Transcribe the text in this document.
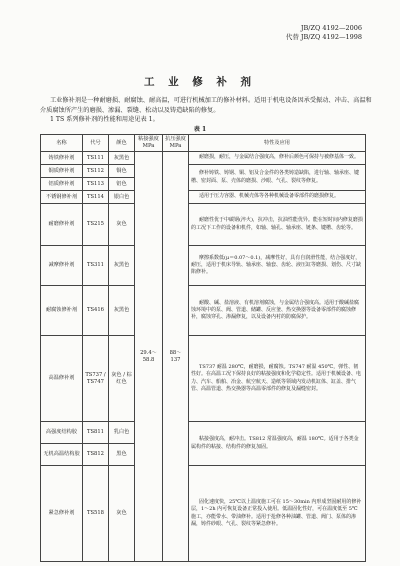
JB/ZQ 4192—2006
代替 JB/ZQ 4192—1998
工 业 修 补 剂

工业修补剂是一种耐磨损、耐腐蚀、耐高温，可进行机械加工的修补材料。适用于机电设备因承受振动、冲击、高温和介质腐蚀所产生的磨损、渗漏、裂缝、松动以及铸造缺陷的修复。

1 TS 系列修补剂的性能和用途见表 1。

表 1
名称	代号	颜色	粘接强度 MPa	抗压强度 MPa	特性及应用
铸铁修补剂	TS111	灰黑色	29.4～58.8	88～137	耐磨损，耐压，与金属结合强度高，修补后颜色可保持与被修基体一致。
铜质修补剂	TS112	铜色			修补铸铁、铸钢、铜、铝及合金件的各类铸造缺陷，进行轴、轴承座、键槽、密封面、泵、壳体的磨损、沙眼、气孔、裂纹等修复。
铝质修补剂	TS113	铝色			
不锈钢修补剂	TS114	银白色			适用于压力容器、机械壳体等各种机械设备零部件的磨损修复。
耐磨修补剂	TS215	灰色			耐磨性优于中碳钢(淬火)，抗冲击，抗油性能优异。能在短时间内修复磨损的工况下工作的设备和机件，如轴、轴孔、轴承座、链条、键槽、齿轮等。
减摩修补剂	TS311	灰黑色			摩擦系数低(μ＝0.07～0.1)，减摩性好，具有自润滑性能，结合强度好，耐压，适用于机床导轨、轴承座、轴套、齿轮、液压缸等磨损、划伤、尺寸缺陷修补。
耐腐蚀修补剂	TS416	灰黑色			耐酸、碱、盐溶液、有机溶剂腐蚀，与金属结合强度高。适用于酸碱盐腐蚀环境中的泵、阀、管道、储罐、反应釜、热交换器等设备零部件的腐蚀修补，腐蚀穿孔、渗漏修复，以及设备内衬的防腐保护。
高温修补剂	TS737 / TS747	灰色 / 棕红色			TS737 耐温 280℃，耐磨损，耐腐蚀。TS747 耐温 450℃，弹性、韧性好。在高温工况下保持良好的粘接强度和化学稳定性。适用于机械设备、电力、汽车、船舶、冶金、航空航天、造纸等领域内发动机缸体、缸盖、排气管、高温管道、热交换器等高温零部件的修复及漏缝密封。
高强度结构胶	TS811	乳白色			粘接强度高，耐冲击。TS812 常温强度高，耐温 180℃。适用于各类金属构件的粘接、结构件的修复加固。
无机高温结构胶	TS812	黑色			
紧急修补剂	TS518	灰色			固化速度快，25℃以上温度施工可在 15～30min 内形成坚固耐用的修补层，1～2h 内可恢复设备正常投入使用。低温固化性好，可在温度低至 5℃ 施工，亦能带水、带油修补。适用于抢修各种油罐、管道、阀门、泵体的渗漏，铸件砂眼、气孔、裂纹等紧急修补。
